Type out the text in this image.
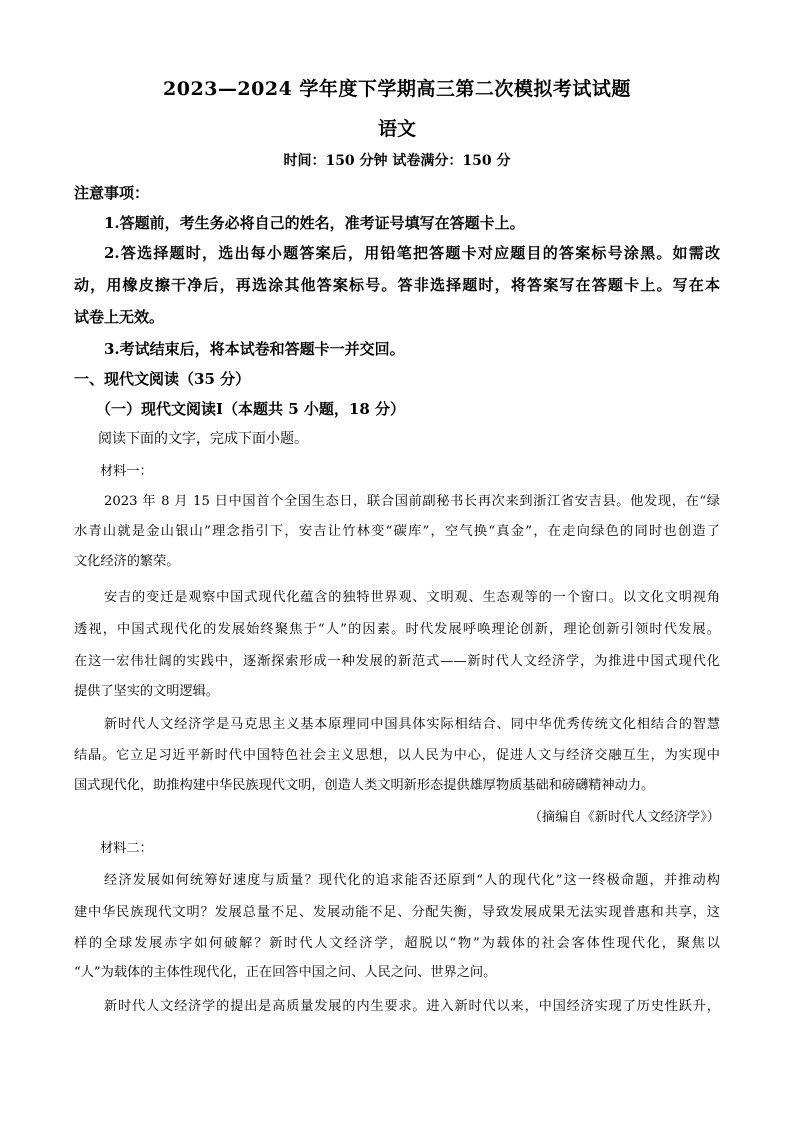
2023—2024 学年度下学期高三第二次模拟考试试题
语文
时间：150 分钟 试卷满分：150 分
注意事项：
1.答题前，考生务必将自己的姓名，准考证号填写在答题卡上。
2.答选择题时，选出每小题答案后，用铅笔把答题卡对应题目的答案标号涂黑。如需改
动，用橡皮擦干净后，再选涂其他答案标号。答非选择题时，将答案写在答题卡上。写在本
试卷上无效。
3.考试结束后，将本试卷和答题卡一并交回。
一、现代文阅读（35 分）
（一）现代文阅读Ⅰ（本题共 5 小题，18 分）
阅读下面的文字，完成下面小题。
材料一：
2023 年 8 月 15 日中国首个全国生态日，联合国前副秘书长再次来到浙江省安吉县。他发现，在“绿
水青山就是金山银山”理念指引下，安吉让竹林变“碳库”，空气换“真金”，在走向绿色的同时也创造了
文化经济的繁荣。
安吉的变迁是观察中国式现代化蕴含的独特世界观、文明观、生态观等的一个窗口。以文化文明视角
透视，中国式现代化的发展始终聚焦于“人”的因素。时代发展呼唤理论创新，理论创新引领时代发展。
在这一宏伟壮阔的实践中，逐渐探索形成一种发展的新范式——新时代人文经济学，为推进中国式现代化
提供了坚实的文明逻辑。
新时代人文经济学是马克思主义基本原理同中国具体实际相结合、同中华优秀传统文化相结合的智慧
结晶。它立足习近平新时代中国特色社会主义思想，以人民为中心，促进人文与经济交融互生，为实现中
国式现代化，助推构建中华民族现代文明，创造人类文明新形态提供雄厚物质基础和磅礴精神动力。
（摘编自《新时代人文经济学》）
材料二：
经济发展如何统筹好速度与质量？现代化的追求能否还原到“人的现代化”这一终极命题，并推动构
建中华民族现代文明？发展总量不足、发展动能不足、分配失衡，导致发展成果无法实现普惠和共享，这
样的全球发展赤字如何破解？新时代人文经济学，超脱以“物”为载体的社会客体性现代化，聚焦以
“人”为载体的主体性现代化，正在回答中国之问、人民之问、世界之问。
新时代人文经济学的提出是高质量发展的内生要求。进入新时代以来，中国经济实现了历史性跃升，
